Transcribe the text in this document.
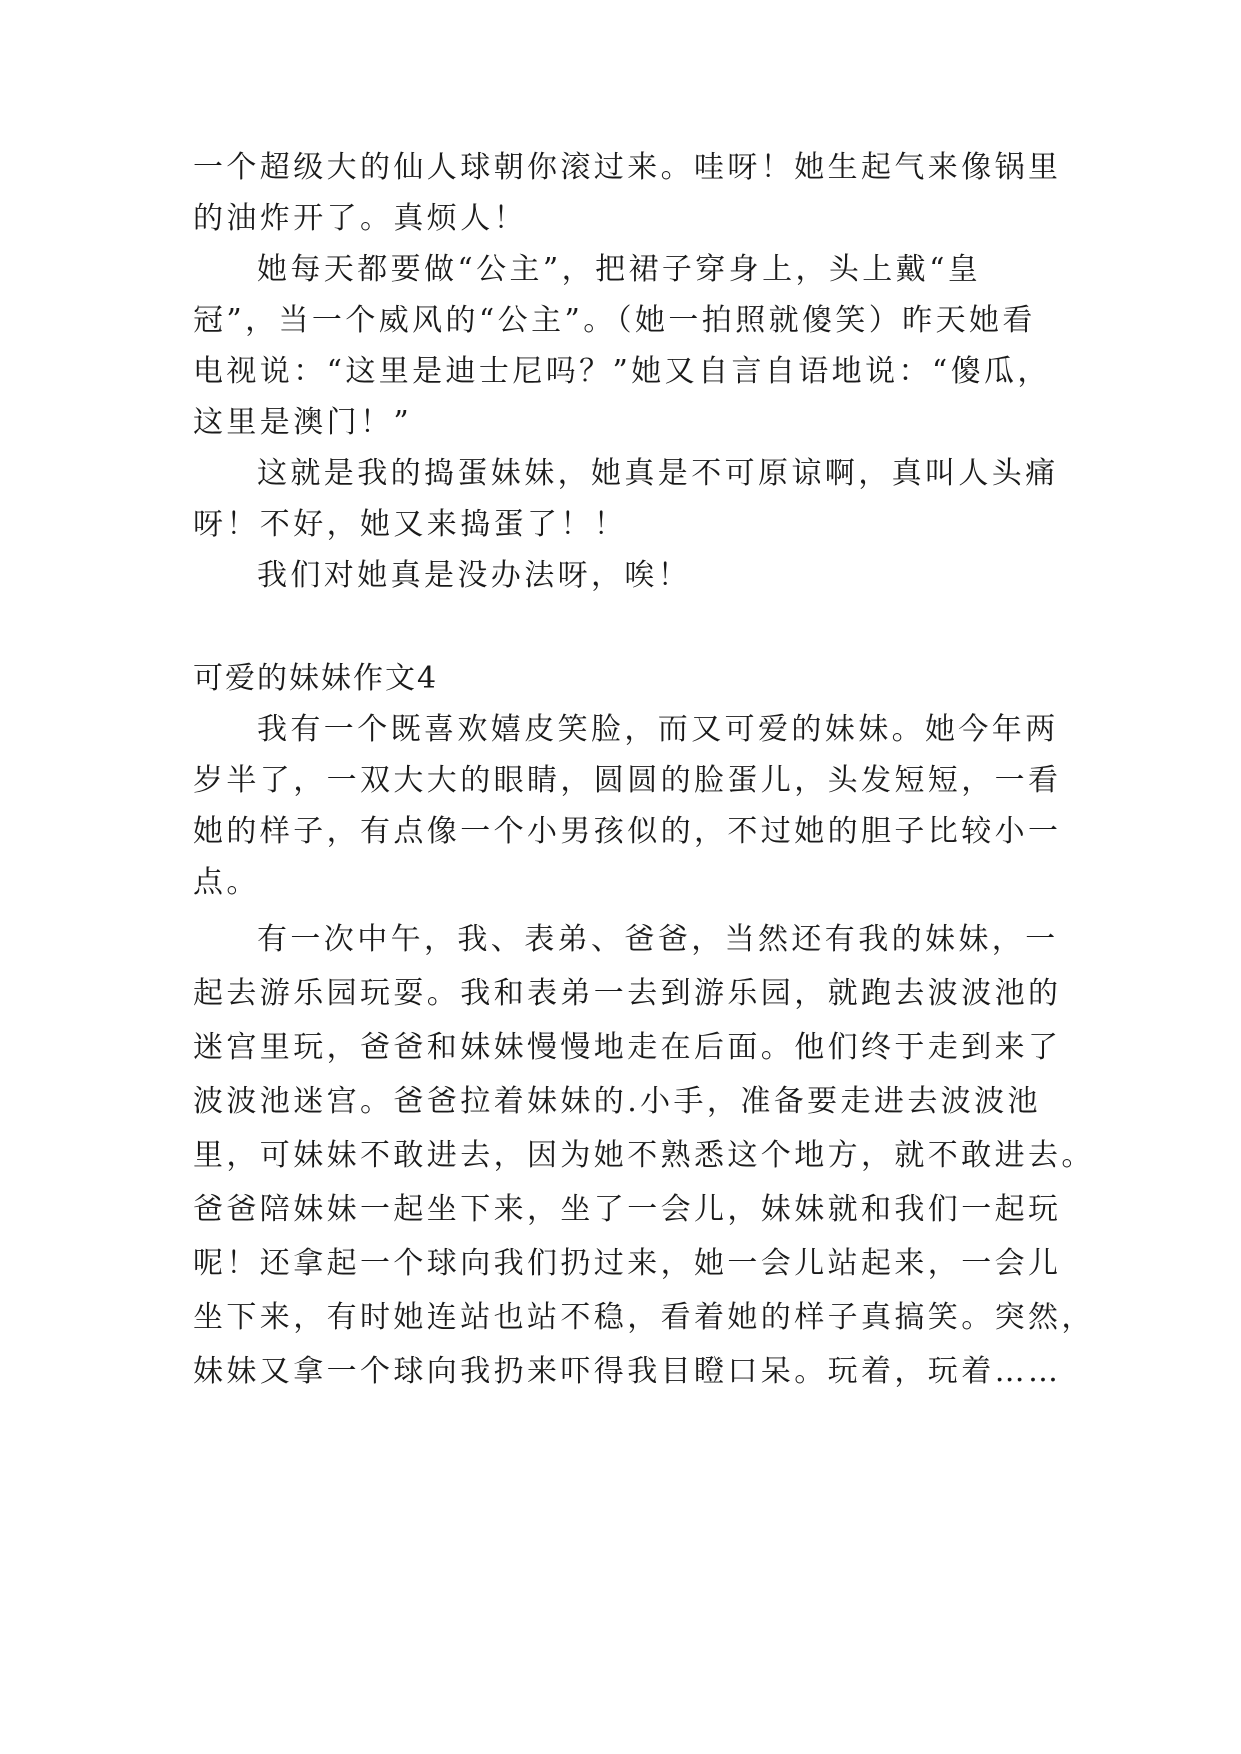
一个超级大的仙人球朝你滚过来。哇呀！她生起气来像锅里
的油炸开了。真烦人！
她每天都要做“公主”，把裙子穿身上，头上戴“皇
冠”，当一个威风的“公主”。（她一拍照就傻笑）昨天她看
电视说：“这里是迪士尼吗？”她又自言自语地说：“傻瓜，
这里是澳门！”
这就是我的捣蛋妹妹，她真是不可原谅啊，真叫人头痛
呀！不好，她又来捣蛋了！！
我们对她真是没办法呀，唉！
可爱的妹妹作文4
我有一个既喜欢嬉皮笑脸，而又可爱的妹妹。她今年两
岁半了，一双大大的眼睛，圆圆的脸蛋儿，头发短短，一看
她的样子，有点像一个小男孩似的，不过她的胆子比较小一
点。
有一次中午，我、表弟、爸爸，当然还有我的妹妹，一
起去游乐园玩耍。我和表弟一去到游乐园，就跑去波波池的
迷宫里玩，爸爸和妹妹慢慢地走在后面。他们终于走到来了
波波池迷宫。爸爸拉着妹妹的.小手，准备要走进去波波池
里，可妹妹不敢进去，因为她不熟悉这个地方，就不敢进去。
爸爸陪妹妹一起坐下来，坐了一会儿，妹妹就和我们一起玩
呢！还拿起一个球向我们扔过来，她一会儿站起来，一会儿
坐下来，有时她连站也站不稳，看着她的样子真搞笑。突然，
妹妹又拿一个球向我扔来吓得我目瞪口呆。玩着，玩着……
